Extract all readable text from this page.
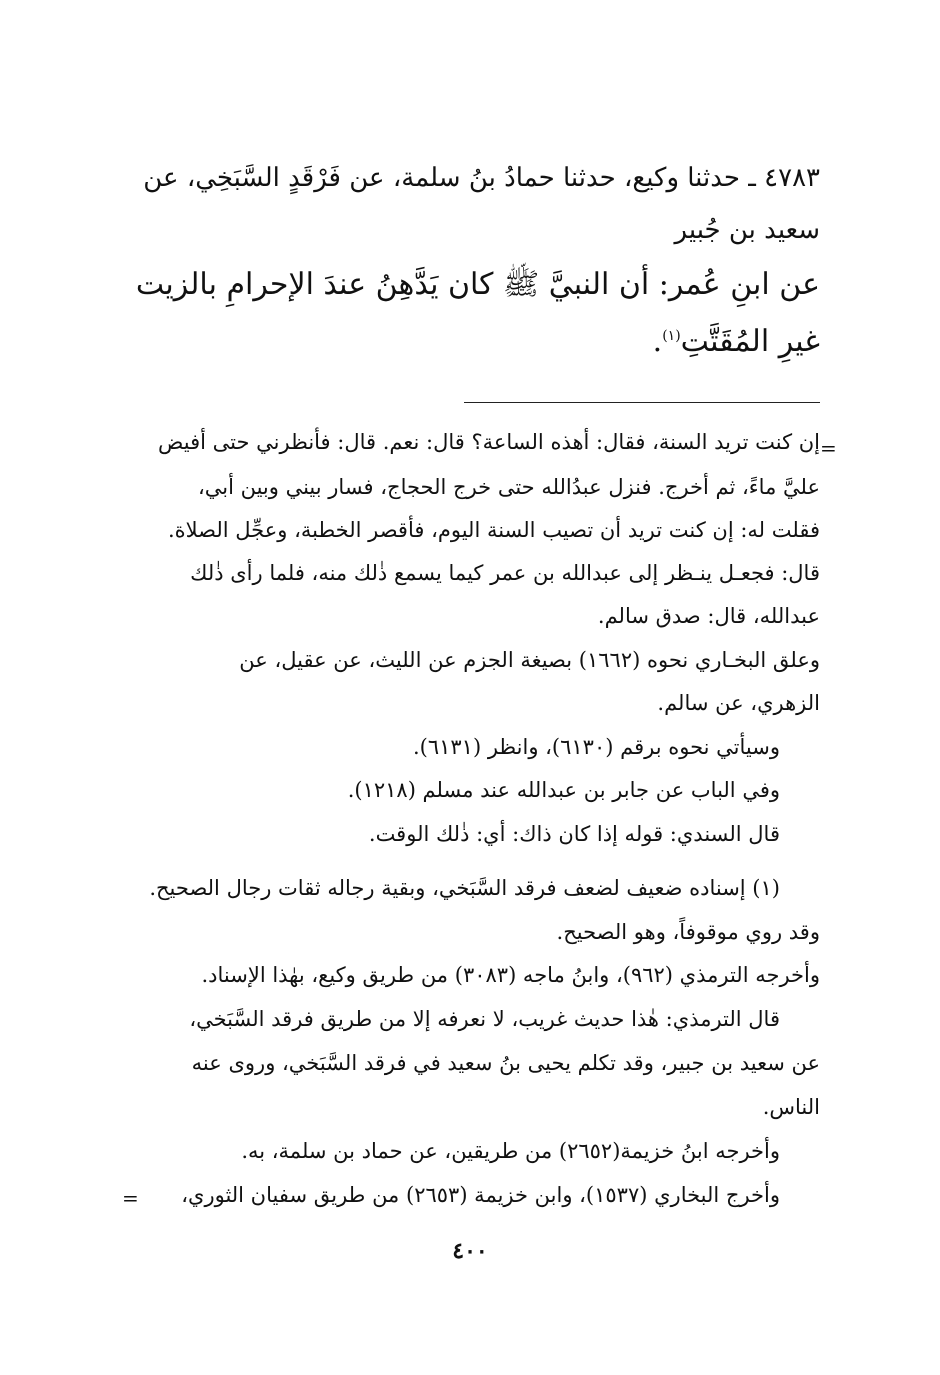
٤٧٨٣ ـ حدثنا وكيع، حدثنا حمادُ بنُ سلمة، عن فَرْقَدٍ السَّبَخِي، عن
سعيد بن جُبير
عن ابنِ عُمر: أن النبيَّ ﷺ كان يَدَّهِنُ عندَ الإحرامِ بالزيت
غيرِ المُقَتَّتِ$^{(١)}$.
=
إن كنت تريد السنة، فقال: أهذه الساعة؟ قال: نعم. قال: فأنظرني حتى أفيض
عليَّ ماءً، ثم أخرج. فنزل عبدُالله حتى خرج الحجاج، فسار بيني وبين أبي،
فقلت له: إن كنت تريد أن تصيب السنة اليوم، فأقصر الخطبة، وعجِّل الصلاة.
قال: فجعـل ينـظر إلى عبدالله بن عمر كيما يسمع ذٰلك منه، فلما رأى ذٰلك
عبدالله، قال: صدق سالم.
وعلق البخـاري نحوه (١٦٦٢) بصيغة الجزم عن الليث، عن عقيل، عن
الزهري، عن سالم.
وسيأتي نحوه برقم (٦١٣٠)، وانظر (٦١٣١).
وفي الباب عن جابر بن عبدالله عند مسلم (١٢١٨).
قال السندي: قوله إذا كان ذاك: أي: ذٰلك الوقت.
(١) إسناده ضعيف لضعف فرقد السَّبَخي، وبقية رجاله ثقات رجال الصحيح.
وقد روي موقوفاً، وهو الصحيح.
وأخرجه الترمذي (٩٦٢)، وابنُ ماجه (٣٠٨٣) من طريق وكيع، بهٰذا الإسناد.
قال الترمذي: هٰذا حديث غريب، لا نعرفه إلا من طريق فرقد السَّبَخي،
عن سعيد بن جبير، وقد تكلم يحيى بنُ سعيد في فرقد السَّبَخي، وروى عنه
الناس.
وأخرجه ابنُ خزيمة(٢٦٥٢) من طريقين، عن حماد بن سلمة، به.
وأخرج البخاري (١٥٣٧)، وابن خزيمة (٢٦٥٣) من طريق سفيان الثوري،
=
٤٠٠
